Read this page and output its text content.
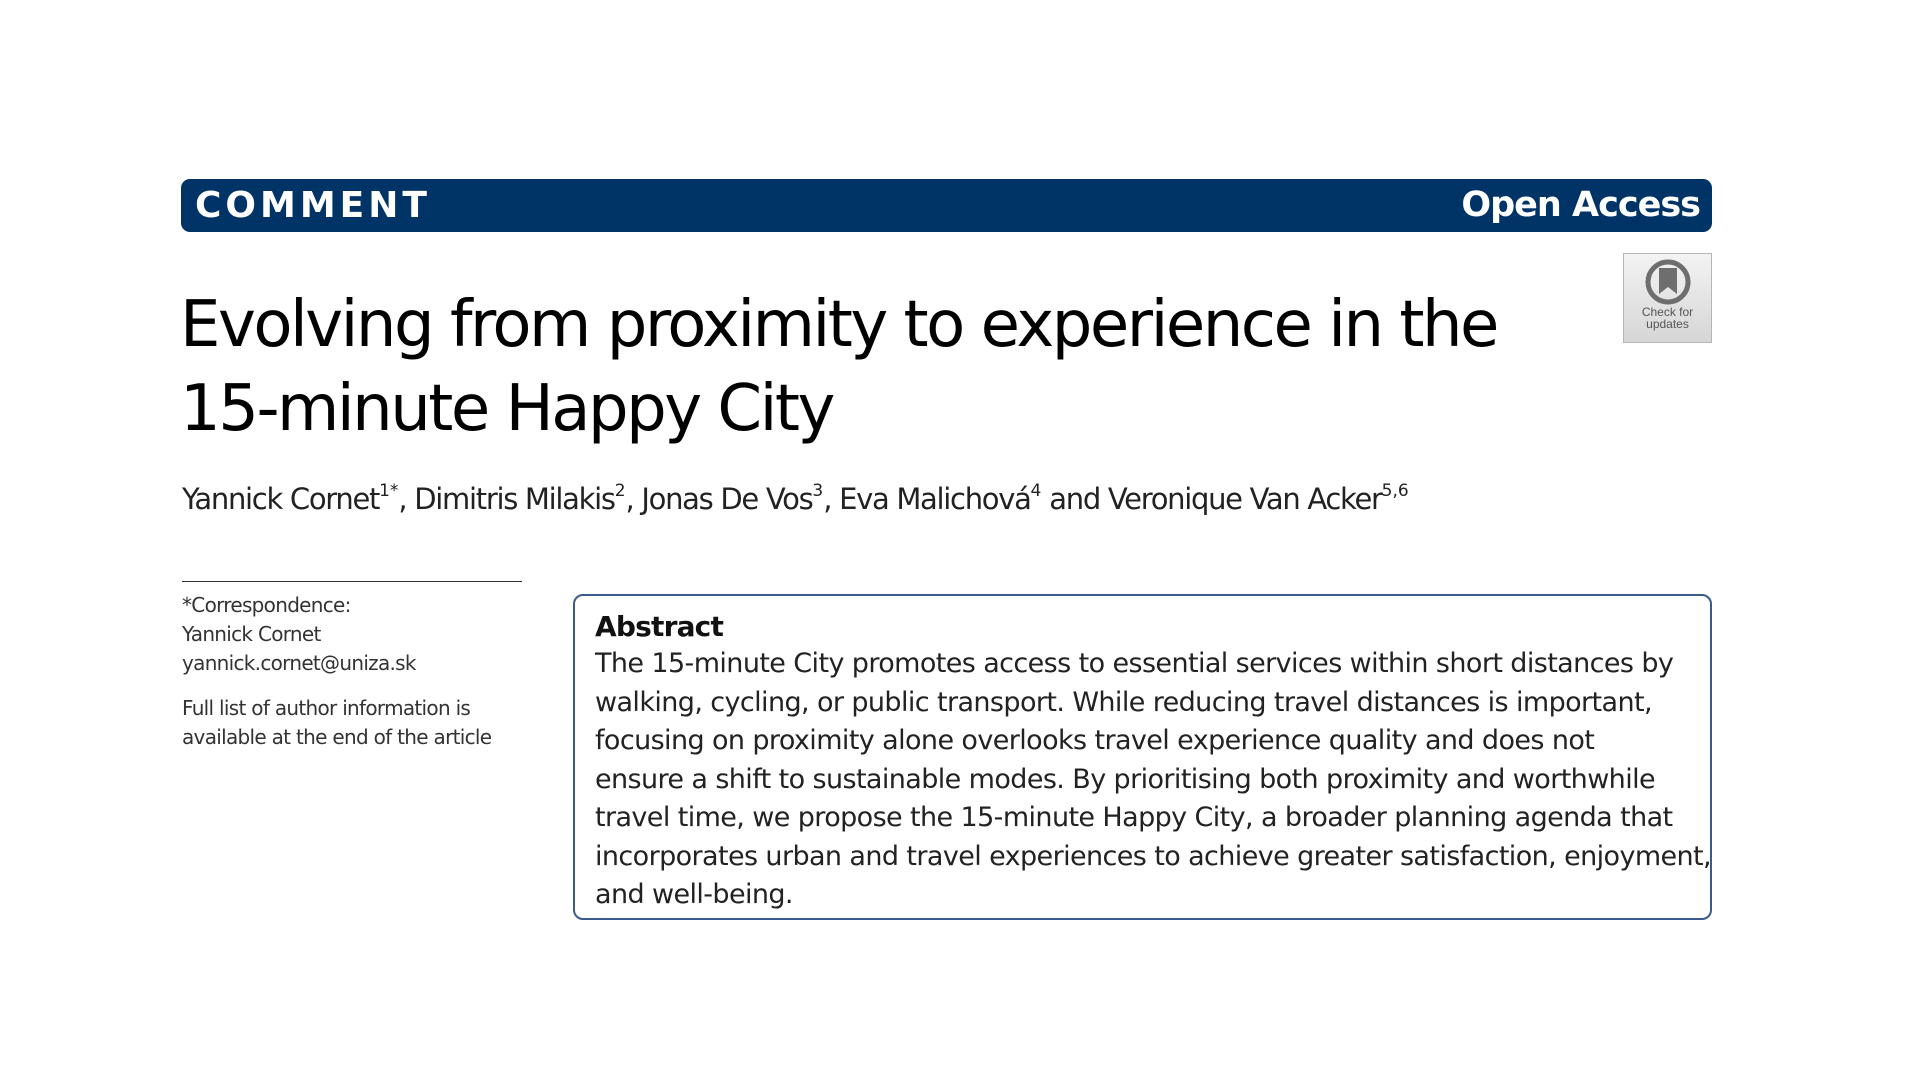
COMMENT	Open Access
Check for
updates
Evolving from proximity to experience in the
15-minute Happy City
Yannick Cornet$^{1*}$, Dimitris Milakis$^2$, Jonas De Vos$^3$, Eva Malichová$^4$ and Veronique Van Acker$^{5,6}$
*Correspondence:
Yannick Cornet
yannick.cornet@uniza.sk
Full list of author information is
available at the end of the article
Abstract

The 15-minute City promotes access to essential services within short distances by
walking, cycling, or public transport. While reducing travel distances is important,
focusing on proximity alone overlooks travel experience quality and does not
ensure a shift to sustainable modes. By prioritising both proximity and worthwhile
travel time, we propose the 15-minute Happy City, a broader planning agenda that
incorporates urban and travel experiences to achieve greater satisfaction, enjoyment,
and well-being.
